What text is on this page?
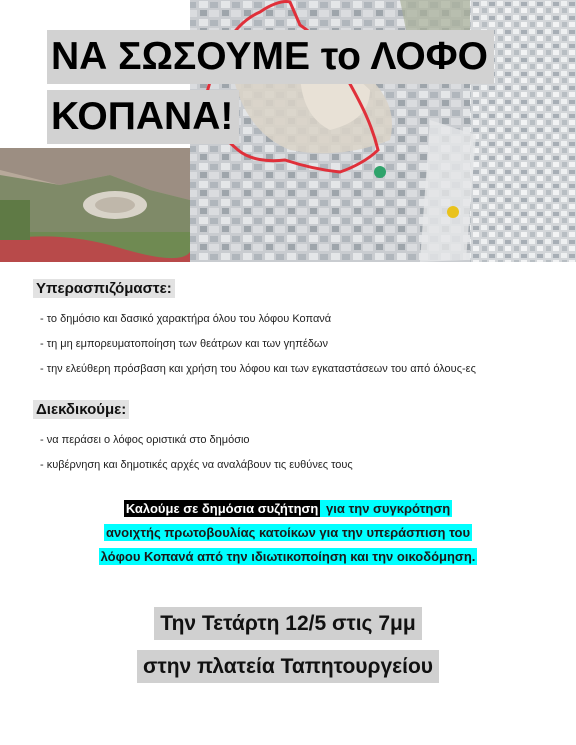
ΝΑ ΣΩΣΟΥΜΕ το ΛΟΦΟ
ΚΟΠΑΝΑ!
Υπερασπιζόμαστε:
- το δημόσιο και δασικό χαρακτήρα όλου του λόφου Κοπανά
- τη μη εμπορευματοποίηση των θεάτρων και των γηπέδων
- την ελεύθερη πρόσβαση και χρήση του λόφου και των εγκαταστάσεων του από όλους-ες
Διεκδικούμε:
- να περάσει ο λόφος οριστικά στο δημόσιο
- κυβέρνηση και δημοτικές αρχές να αναλάβουν τις ευθύνες τους
Καλούμε σε δημόσια συζήτηση για την συγκρότηση
ανοιχτής πρωτοβουλίας κατοίκων για την υπεράσπιση του
λόφου Κοπανά από την ιδιωτικοποίηση και την οικοδόμηση.
Την Τετάρτη 12/5 στις 7μμ
στην πλατεία Ταπητουργείου
